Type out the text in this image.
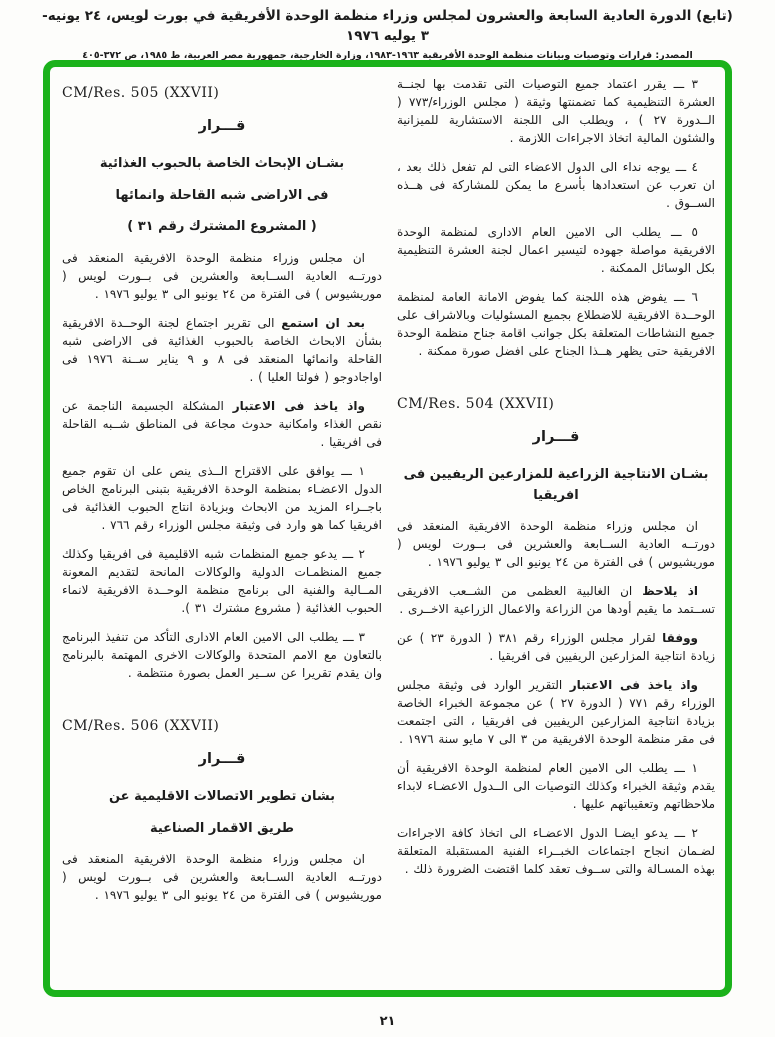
(تابع) الدورة العادية السابعة والعشرون لمجلس وزراء منظمة الوحدة الأفريقية في بورت لويس، ٢٤ يونيه- ٣ يوليه ١٩٧٦
المصدر: قرارات وتوصيات وبيانات منظمة الوحدة الأفريقية ١٩٦٣-١٩٨٣، وزارة الخارجية، جمهورية مصر العربية، ط ١٩٨٥، ص ٣٧٢-٤٠٥
٣ ـــ يقرر اعتماد جميع التوصيات التى تقدمت بها لجنــة العشرة التنظيمية كما تضمنتها وثيقة ( مجلس الوزراء/٧٧٣ ( الــدورة ٢٧ ) ، ويطلب الى اللجنة الاستشارية للميزانية والشئون المالية اتخاذ الاجراءات اللازمة .
٤ ـــ يوجه نداء الى الدول الاعضاء التى لم تفعل ذلك بعد ، ان تعرب عن استعدادها بأسرع ما يمكن للمشاركة فى هــذه الســوق .
٥ ـــ يطلب الى الامين العام الادارى لمنظمة الوحدة الافريقية مواصلة جهوده لتيسير اعمال لجنة العشرة التنظيمية بكل الوسائل الممكنة .
٦ ـــ يفوض هذه اللجنة كما يفوض الامانة العامة لمنظمة الوحــدة الافريقية للاضطلاع بجميع المسئوليات وبالاشراف على جميع النشاطات المتعلقة بكل جوانب اقامة جناح منظمة الوحدة الافريقية حتى يظهر هــذا الجناح على افضل صورة ممكنة .
CM/Res. 504 (XXVII)
قـــرار
بشـان الانتاجية الزراعية للمزارعين الريفيين فى افريقيا
ان مجلس وزراء منظمة الوحدة الافريقية المنعقد فى دورتــه العادية الســابعة والعشرين فى بــورت لويس ( موريشيوس ) فى الفترة من ٢٤ يونيو الى ٣ يوليو ١٩٧٦ .
اذ يلاحظ ان الغالبية العظمى من الشــعب الافريقى تســتمد ما يقيم أودها من الزراعة والاعمال الزراعية الاخــرى .
ووفقا لقرار مجلس الوزراء رقم ٣٨١ ( الدورة ٢٣ ) عن زيادة انتاجية المزارعين الريفيين فى افريقيا .
واذ ياخذ فى الاعتبار التقرير الوارد فى وثيقة مجلس الوزراء رقم ٧٧١ ( الدورة ٢٧ ) عن مجموعة الخبراء الخاصة بزيادة انتاجية المزارعين الريفيين فى افريقيا ، التى اجتمعت فى مقر منظمة الوحدة الافريقية من ٣ الى ٧ مايو سنة ١٩٧٦ .
١ ـــ يطلب الى الامين العام لمنظمة الوحدة الافريقية أن يقدم وثيقة الخبراء وكذلك التوصيات الى الــدول الاعضـاء لابداء ملاحظاتهم وتعقيباتهم عليها .
٢ ـــ يدعو ايضـا الدول الاعضـاء الى اتخاذ كافة الاجراءات لضـمان انجاح اجتماعات الخبــراء الفنية المستقبلة المتعلقة بهذه المسـالة والتى ســوف تعقد كلما اقتضت الضرورة ذلك .
CM/Res. 505 (XXVII)
قـــرار
بشـان الإبحاث الخاصة بالحبوب الغذائية
فى الاراضى شبه القاحلة وانمائها
( المشروع المشترك رقم ٣١ )
ان مجلس وزراء منظمة الوحدة الافريقية المنعقد فى دورتــه العادية الســابعة والعشرين فى بــورت لويس ( موريشيوس ) فى الفترة من ٢٤ يونيو الى ٣ يوليو ١٩٧٦ .
بعد ان استمع الى تقرير اجتماع لجنة الوحــدة الافريقية بشأن الابحاث الخاصة بالحبوب الغذائية فى الاراضى شبه القاحلة وانمائها المنعقد فى ٨ و ٩ يناير ســنة ١٩٧٦ فى اواجادوجو ( فولتا العليا ) .
واذ ياخذ فى الاعتبار المشكلة الجسيمة الناجمة عن نقص الغذاء وامكانية حدوث مجاعة فى المناطق شــبه القاحلة فى افريقيا .
١ ـــ يوافق على الاقتراح الــذى ينص على ان تقوم جميع الدول الاعضـاء بمنظمة الوحدة الافريقية بتبنى البرنامج الخاص باجــراء المزيد من الابحاث وبزيادة انتاج الحبوب الغذائية فى افريقيا كما هو وارد فى وثيقة مجلس الوزراء رقم ٧٦٦ .
٢ ـــ يدعو جميع المنظمات شبه الاقليمية فى افريقيا وكذلك جميع المنظمـات الدولية والوكالات المانحة لتقديم المعونة المــالية والفنية الى برنامج منظمة الوحــدة الافريقية لانماء الحبوب الغذائية ( مشروع مشترك ٣١ ).
٣ ـــ يطلب الى الامين العام الادارى التأكد من تنفيذ البرنامج بالتعاون مع الامم المتحدة والوكالات الاخرى المهتمة بالبرنامج وان يقدم تقريرا عن ســير العمل بصورة منتظمة .
CM/Res. 506 (XXVII)
قـــرار
بشان تطوير الاتصالات الاقليمية عن
طريق الاقمار الصناعية
ان مجلس وزراء منظمة الوحدة الافريقية المنعقد فى دورتــه العادية الســابعة والعشرين فى بــورت لويس ( موريشيوس ) فى الفترة من ٢٤ يونيو الى ٣ يوليو ١٩٧٦ .
٢١
